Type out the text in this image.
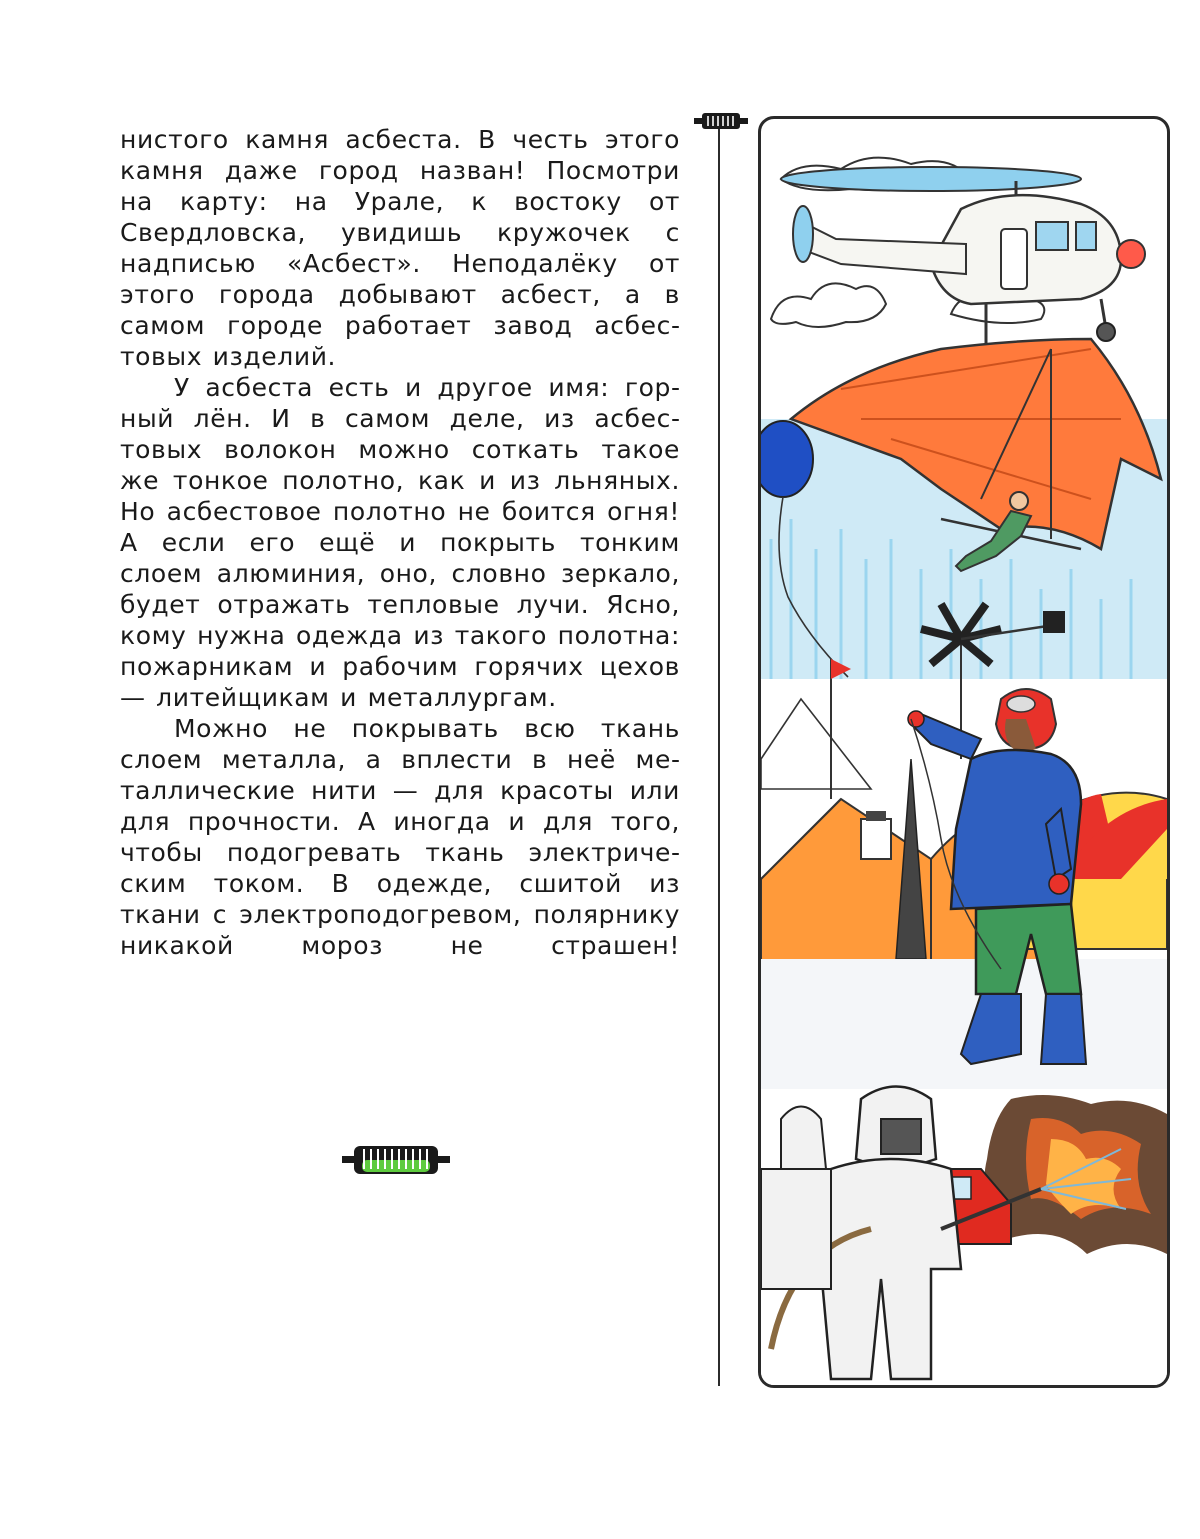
нистого камня асбеста. В честь этого камня даже город назван! Посмотри на карту: на Урале, к востоку от Свердловска, увидишь кружочек с надписью «Асбест». Неподалёку от этого города добывают асбест, а в самом городе работает завод асбестовых изделий.

У асбеста есть и другое имя: горный лён. И в самом деле, из асбестовых волокон можно соткать такое же тонкое полотно, как и из льняных. Но асбестовое полотно не боится огня! А если его ещё и покрыть тонким слоем алюминия, оно, словно зеркало, будет отражать тепловые лучи. Ясно, кому нужна одежда из такого полотна: пожарникам и рабочим горячих цехов — литейщикам и металлургам.

Можно не покрывать всю ткань слоем металла, а вплести в неё металлические нити — для красоты или для прочности. А иногда и для того, чтобы подогревать ткань электрическим током. В одежде, сшитой из ткани с электроподогревом, полярнику никакой мороз не страшен!
